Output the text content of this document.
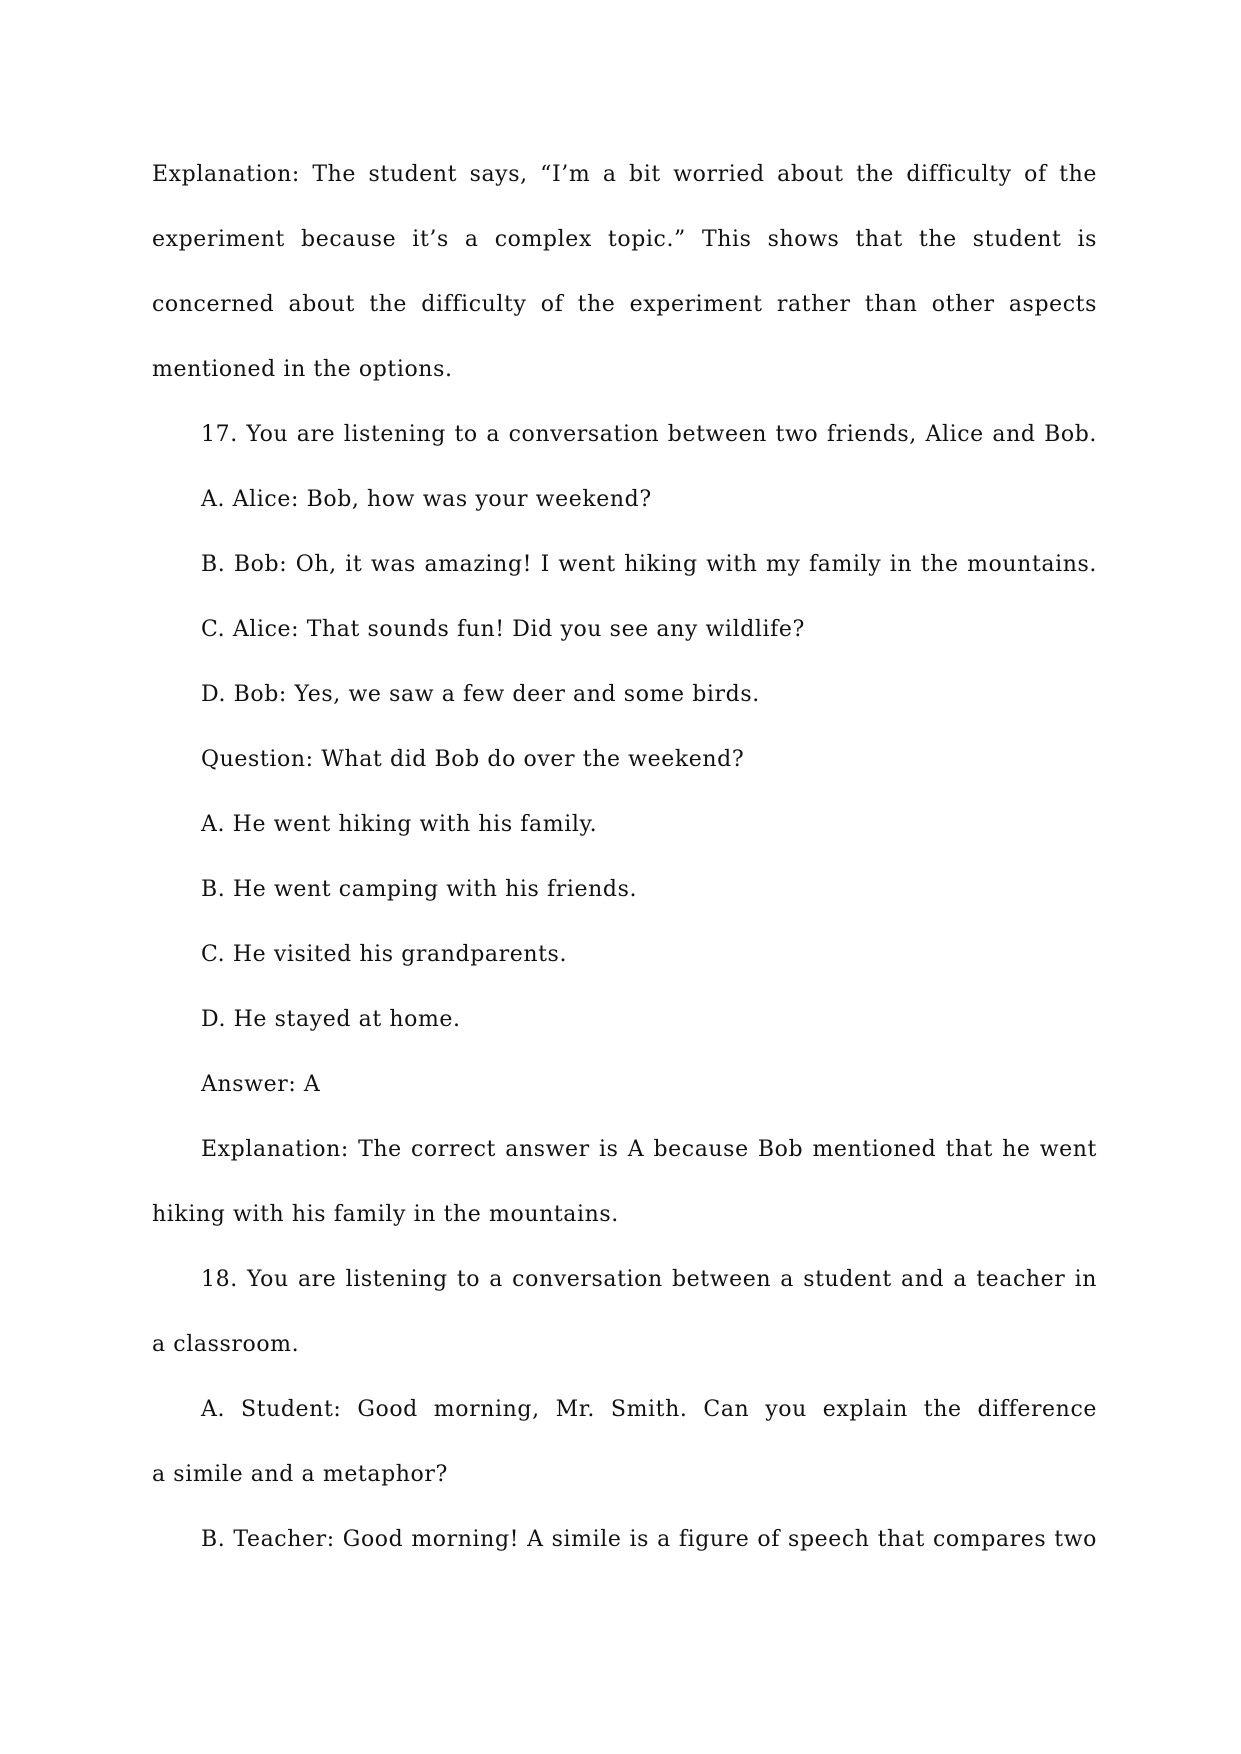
Explanation: The student says, “I’m a bit worried about the difficulty of the
experiment because it’s a complex topic.” This shows that the student is
concerned about the difficulty of the experiment rather than other aspects
mentioned in the options.
17. You are listening to a conversation between two friends, Alice and Bob.
A. Alice: Bob, how was your weekend?
B. Bob: Oh, it was amazing! I went hiking with my family in the mountains.
C. Alice: That sounds fun! Did you see any wildlife?
D. Bob: Yes, we saw a few deer and some birds.
Question: What did Bob do over the weekend?
A. He went hiking with his family.
B. He went camping with his friends.
C. He visited his grandparents.
D. He stayed at home.
Answer: A
Explanation: The correct answer is A because Bob mentioned that he went
hiking with his family in the mountains.
18. You are listening to a conversation between a student and a teacher in
a classroom.
A. Student: Good morning, Mr. Smith. Can you explain the difference
a simile and a metaphor?
B. Teacher: Good morning! A simile is a figure of speech that compares two
